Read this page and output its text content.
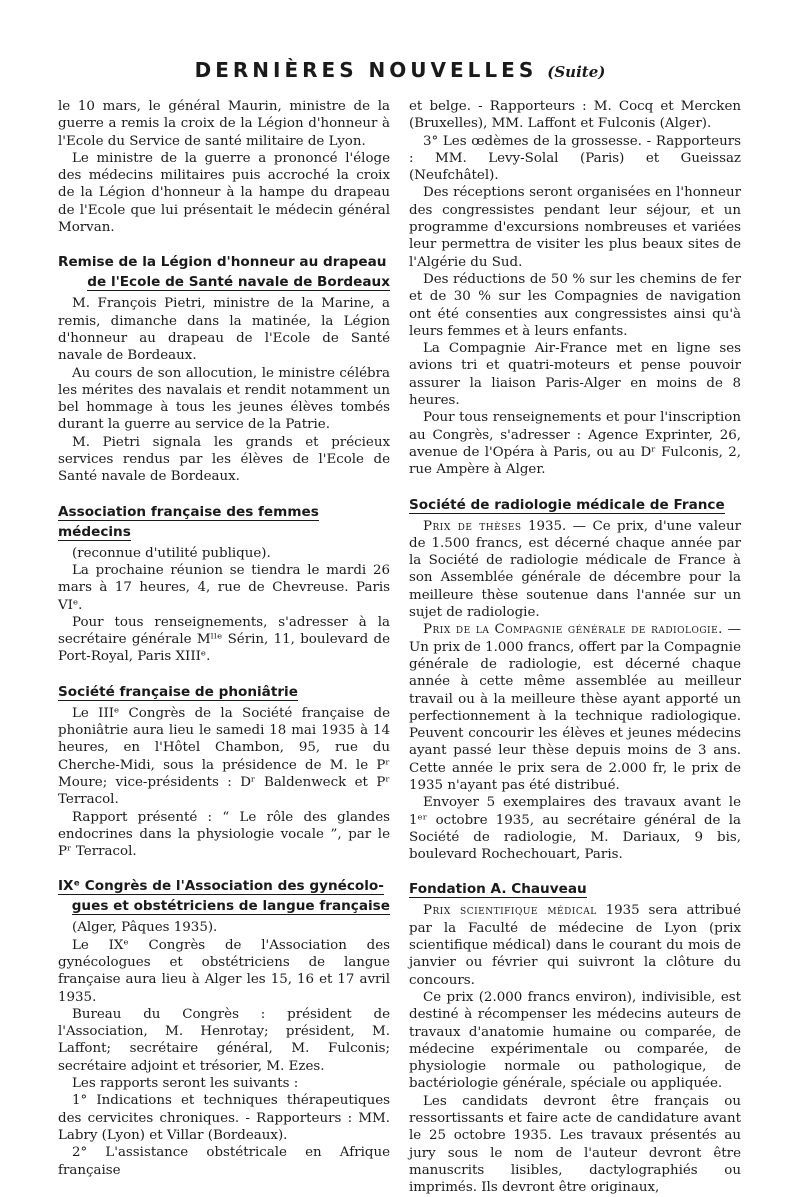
DERNIÈRES NOUVELLES (Suite)

le 10 mars, le général Maurin, ministre de la guerre a remis la croix de la Légion d'honneur à l'Ecole du Service de santé militaire de Lyon.

Le ministre de la guerre a prononcé l'éloge des médecins militaires puis accroché la croix de la Légion d'honneur à la hampe du drapeau de l'Ecole que lui présentait le médecin général Morvan.

Remise de la Légion d'honneur au drapeau
de l'Ecole de Santé navale de Bordeaux

M. François Pietri, ministre de la Marine, a remis, dimanche dans la matinée, la Légion d'honneur au drapeau de l'Ecole de Santé navale de Bordeaux.

Au cours de son allocution, le ministre célébra les mérites des navalais et rendit notamment un bel hommage à tous les jeunes élèves tombés durant la guerre au service de la Patrie.

M. Pietri signala les grands et précieux services rendus par les élèves de l'Ecole de Santé navale de Bordeaux.

Association française des femmes médecins

(reconnue d'utilité publique).

La prochaine réunion se tiendra le mardi 26 mars à 17 heures, 4, rue de Chevreuse. Paris VIᵉ.

Pour tous renseignements, s'adresser à la secrétaire générale Mˡˡᵉ Sérin, 11, boulevard de Port-Royal, Paris XIIIᵉ.

Société française de phoniâtrie

Le IIIᵉ Congrès de la Société française de phoniâtrie aura lieu le samedi 18 mai 1935 à 14 heures, en l'Hôtel Chambon, 95, rue du Cherche-Midi, sous la présidence de M. le Pʳ Moure; vice-présidents : Dʳ Baldenweck et Pʳ Terracol.

Rapport présenté : “ Le rôle des glandes endocrines dans la physiologie vocale ”, par le Pʳ Terracol.

IXᵉ Congrès de l'Association des gynécolo-
gues et obstétriciens de langue française

(Alger, Pâques 1935).

Le IXᵉ Congrès de l'Association des gynécologues et obstétriciens de langue française aura lieu à Alger les 15, 16 et 17 avril 1935.

Bureau du Congrès : président de l'Association, M. Henrotay; président, M. Laffont; secrétaire général, M. Fulconis; secrétaire adjoint et trésorier, M. Ezes.

Les rapports seront les suivants :

1° Indications et techniques thérapeutiques des cervicites chroniques. - Rapporteurs : MM. Labry (Lyon) et Villar (Bordeaux).

2° L'assistance obstétricale en Afrique française

et belge. - Rapporteurs : M. Cocq et Mercken (Bruxelles), MM. Laffont et Fulconis (Alger).

3° Les œdèmes de la grossesse. - Rapporteurs : MM. Levy-Solal (Paris) et Gueissaz (Neufchâtel).

Des réceptions seront organisées en l'honneur des congressistes pendant leur séjour, et un programme d'excursions nombreuses et variées leur permettra de visiter les plus beaux sites de l'Algérie du Sud.

Des réductions de 50 % sur les chemins de fer et de 30 % sur les Compagnies de navigation ont été consenties aux congressistes ainsi qu'à leurs femmes et à leurs enfants.

La Compagnie Air-France met en ligne ses avions tri et quatri-moteurs et pense pouvoir assurer la liaison Paris-Alger en moins de 8 heures.

Pour tous renseignements et pour l'inscription au Congrès, s'adresser : Agence Exprinter, 26, avenue de l'Opéra à Paris, ou au Dʳ Fulconis, 2, rue Ampère à Alger.

Société de radiologie médicale de France

Prix de thèses 1935. — Ce prix, d'une valeur de 1.500 francs, est décerné chaque année par la Société de radiologie médicale de France à son Assemblée générale de décembre pour la meilleure thèse soutenue dans l'année sur un sujet de radiologie.

Prix de la Compagnie générale de radiologie. — Un prix de 1.000 francs, offert par la Compagnie générale de radiologie, est décerné chaque année à cette même assemblée au meilleur travail ou à la meilleure thèse ayant apporté un perfectionnement à la technique radiologique. Peuvent concourir les élèves et jeunes médecins ayant passé leur thèse depuis moins de 3 ans. Cette année le prix sera de 2.000 fr, le prix de 1935 n'ayant pas été distribué.

Envoyer 5 exemplaires des travaux avant le 1ᵉʳ octobre 1935, au secrétaire général de la Société de radiologie, M. Dariaux, 9 bis, boulevard Rochechouart, Paris.

Fondation A. Chauveau

Prix scientifique médical 1935 sera attribué par la Faculté de médecine de Lyon (prix scientifique médical) dans le courant du mois de janvier ou février qui suivront la clôture du concours.

Ce prix (2.000 francs environ), indivisible, est destiné à récompenser les médecins auteurs de travaux d'anatomie humaine ou comparée, de médecine expérimentale ou comparée, de physiologie normale ou pathologique, de bactériologie générale, spéciale ou appliquée.

Les candidats devront être français ou ressortissants et faire acte de candidature avant le 25 octobre 1935. Les travaux présentés au jury sous le nom de l'auteur devront être manuscrits lisibles, dactylographiés ou imprimés. Ils devront être originaux,
